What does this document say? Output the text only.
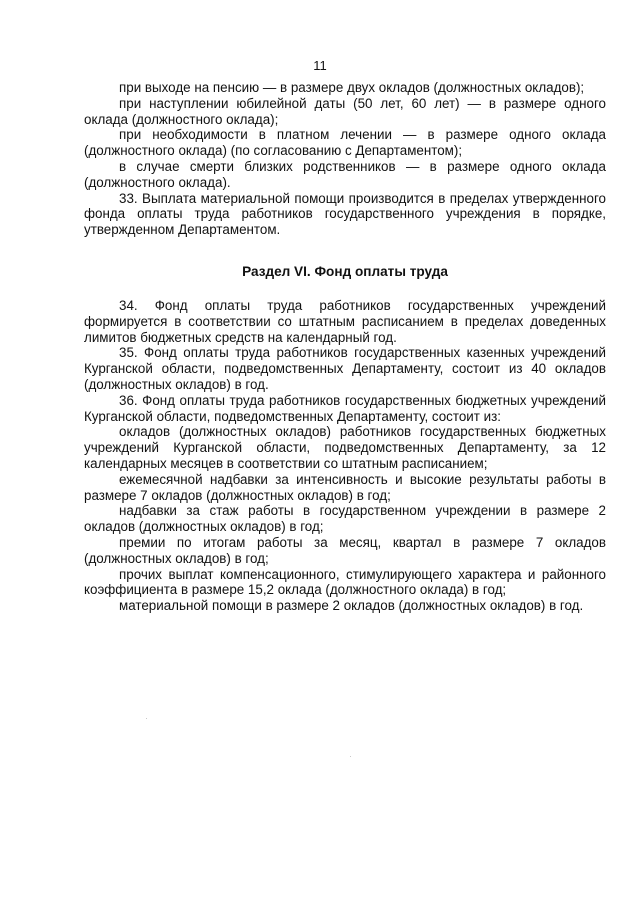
11

при выходе на пенсию — в размере двух окладов (должностных окладов);

при наступлении юбилейной даты (50 лет, 60 лет) — в размере одного оклада (должностного оклада);

при необходимости в платном лечении — в размере одного оклада (должностного оклада) (по согласованию с Департаментом);

в случае смерти близких родственников — в размере одного оклада (должностного оклада).

33. Выплата материальной помощи производится в пределах утвержденного фонда оплаты труда работников государственного учреждения в порядке, утвержденном Департаментом.

Раздел VI. Фонд оплаты труда

34. Фонд оплаты труда работников государственных учреждений формируется в соответствии со штатным расписанием в пределах доведенных лимитов бюджетных средств на календарный год.

35. Фонд оплаты труда работников государственных казенных учреждений Курганской области, подведомственных Департаменту, состоит из 40 окладов (должностных окладов) в год.

36. Фонд оплаты труда работников государственных бюджетных учреждений Курганской области, подведомственных Департаменту, состоит из:

окладов (должностных окладов) работников государственных бюджетных учреждений Курганской области, подведомственных Департаменту, за 12 календарных месяцев в соответствии со штатным расписанием;

ежемесячной надбавки за интенсивность и высокие результаты работы в размере 7 окладов (должностных окладов) в год;

надбавки за стаж работы в государственном учреждении в размере 2 окладов (должностных окладов) в год;

премии по итогам работы за месяц, квартал в размере 7 окладов (должностных окладов) в год;

прочих выплат компенсационного, стимулирующего характера и районного коэффициента в размере 15,2 оклада (должностного оклада) в год;

материальной помощи в размере 2 окладов (должностных окладов) в год.
